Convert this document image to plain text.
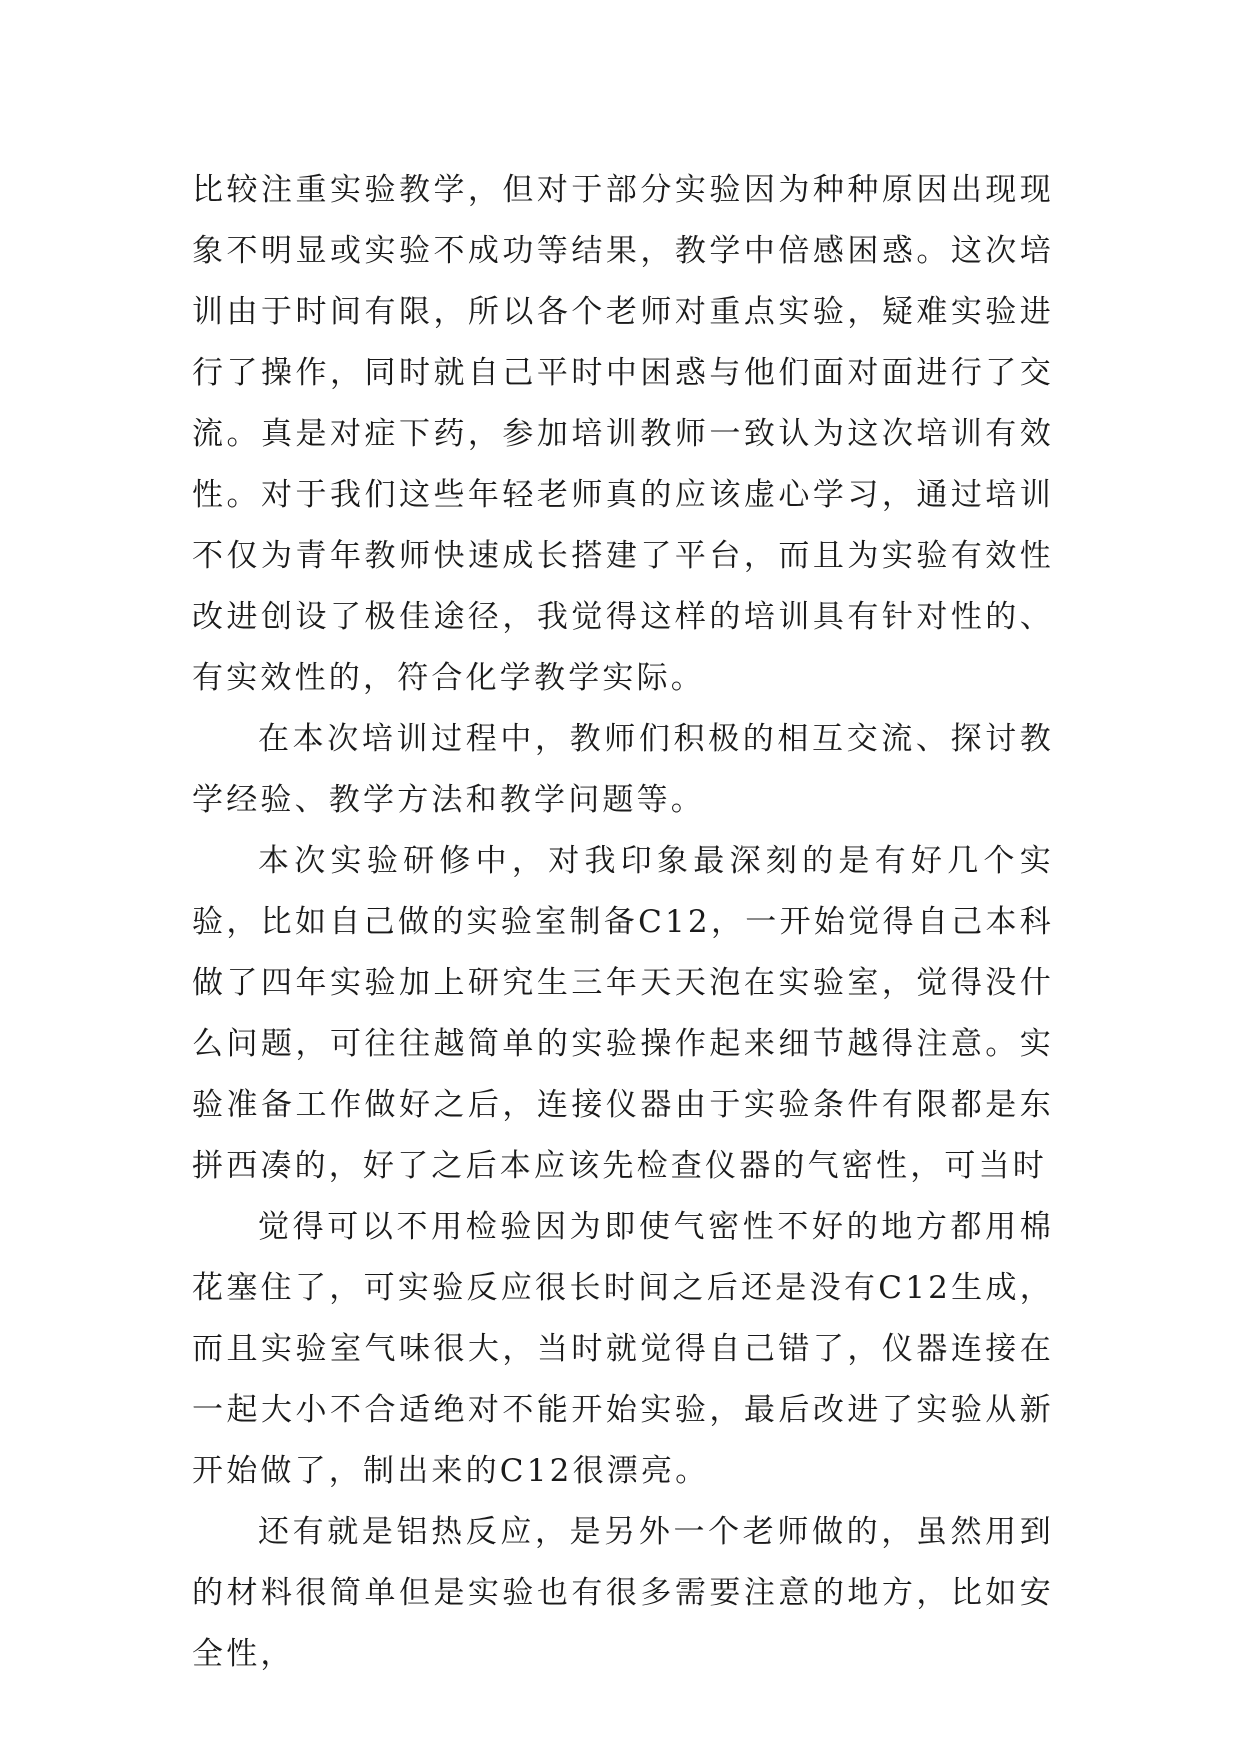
比较注重实验教学，但对于部分实验因为种种原因出现现象不明显或实验不成功等结果，教学中倍感困惑。这次培训由于时间有限，所以各个老师对重点实验，疑难实验进行了操作，同时就自己平时中困惑与他们面对面进行了交流。真是对症下药，参加培训教师一致认为这次培训有效性。对于我们这些年轻老师真的应该虚心学习，通过培训不仅为青年教师快速成长搭建了平台，而且为实验有效性改进创设了极佳途径，我觉得这样的培训具有针对性的、有实效性的，符合化学教学实际。

在本次培训过程中，教师们积极的相互交流、探讨教学经验、教学方法和教学问题等。

本次实验研修中，对我印象最深刻的是有好几个实验，比如自己做的实验室制备C12，一开始觉得自己本科做了四年实验加上研究生三年天天泡在实验室，觉得没什么问题，可往往越简单的实验操作起来细节越得注意。实验准备工作做好之后，连接仪器由于实验条件有限都是东拼西凑的，好了之后本应该先检查仪器的气密性，可当时

觉得可以不用检验因为即使气密性不好的地方都用棉花塞住了，可实验反应很长时间之后还是没有C12生成，而且实验室气味很大，当时就觉得自己错了，仪器连接在一起大小不合适绝对不能开始实验，最后改进了实验从新开始做了，制出来的C12很漂亮。

还有就是铝热反应，是另外一个老师做的，虽然用到的材料很简单但是实验也有很多需要注意的地方，比如安全性，
